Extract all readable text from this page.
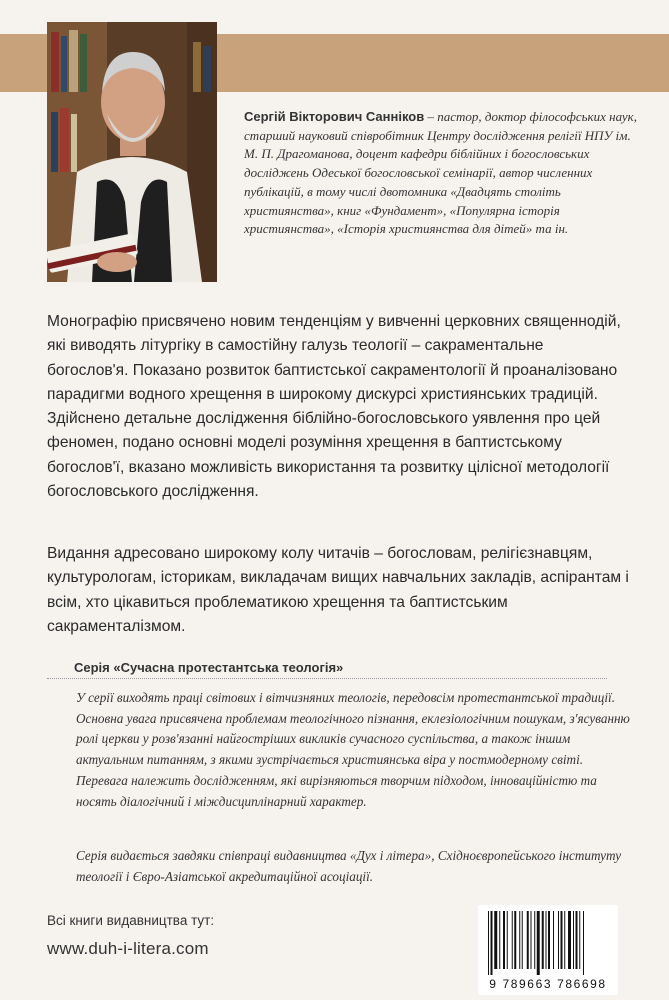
Сергій Вікторович Санніков – пастор, доктор філософських наук, старший науковий співробітник Центру дослідження релігії НПУ ім. М. П. Драгоманова, доцент кафедри біблійних і богословських досліджень Одеської богословської семінарії, автор численних публікацій, в тому числі двотомника «Двадцять століть християнства», книг «Фундамент», «Популярна історія християнства», «Історія християнства для дітей» та ін.

Монографію присвячено новим тенденціям у вивченні церковних священнодій, які виводять літургіку в самостійну галузь теології – сакраментальне богослов'я. Показано розвиток баптистської сакраментології й проаналізовано парадигми водного хрещення в широкому дискурсі християнських традицій. Здійснено детальне дослідження біблійно-богословського уявлення про цей феномен, подано основні моделі розуміння хрещення в баптистському богослов'ї, вказано можливість використання та розвитку цілісної методології богословського дослідження.

Видання адресовано широкому колу читачів – богословам, релігієзнавцям, культурологам, історикам, викладачам вищих навчальних закладів, аспірантам і всім, хто цікавиться проблематикою хрещення та баптистським сакраменталізмом.

Серія «Сучасна протестантська теологія»

У серії виходять праці світових і вітчизняних теологів, передовсім протестантської традиції. Основна увага присвячена проблемам теологічного пізнання, еклезіологічним пошукам, з'ясуванню ролі церкви у розв'язанні найгостріших викликів сучасного суспільства, а також іншим актуальним питанням, з якими зустрічається християнська віра у постмодерному світі. Перевага належить дослідженням, які вирізняються творчим підходом, інноваційністю та носять діалогічний і міждисциплінарний характер.

Серія видається завдяки співпраці видавництва «Дух і літера», Східноєвропейського інституту теології і Євро-Азіатської акредитаційної асоціації.

Всі книги видавництва тут:

www.duh-i-litera.com

9 789663 786698
